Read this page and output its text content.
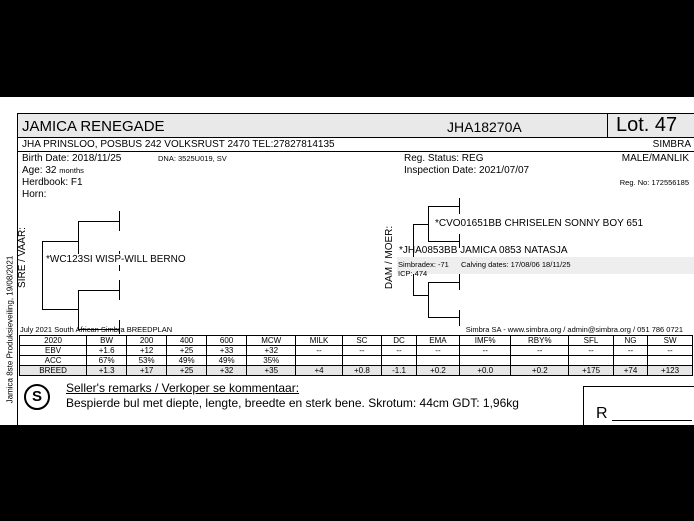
Jamica 8ste Produksieveiling, 19/08/2021
JAMICA RENEGADE	JHA18270A	Lot. 47
JHA PRINSLOO, POSBUS 242 VOLKSRUST 2470 TEL:27827814135	SIMBRA
Birth Date: 2018/11/25	DNA: 3525U019, SV
Age: 32 months
Herdbook: F1
Horn:
Reg. Status: REG
Inspection Date: 2021/07/07
MALE/MANLIK
Reg. No: 172556185
SIRE / VAAR: *WC123SI WISP-WILL BERNO	DAM / MOER:
*CVO01651BB CHRISELEN SONNY BOY 651
*JHA0853BB JAMICA 0853 NATASJA
Simbradex: -71 Calving dates: 17/08/06 18/11/25
ICP: 474
July 2021 South African Simbra BREEDPLAN	Simbra SA - www.simbra.org / admin@simbra.org / 051 786 0721
2020	BW	200	400	600	MCW	MILK	SC	DC	EMA	IMF%	RBY%	SFL	NG	SW
EBV	+1.6	+12	+25	+33	+32	--	--	--	--	--	--	--	--	--
ACC	67%	53%	49%	49%	35%									
BREED	+1.3	+17	+25	+32	+35	+4	+0.8	-1.1	+0.2	+0.0	+0.2	+175	+74	+123
S	Seller's remarks / Verkoper se kommentaar:
Bespierde bul met diepte, lengte, breedte en sterk bene. Skrotum: 44cm GDT: 1,96kg
R
